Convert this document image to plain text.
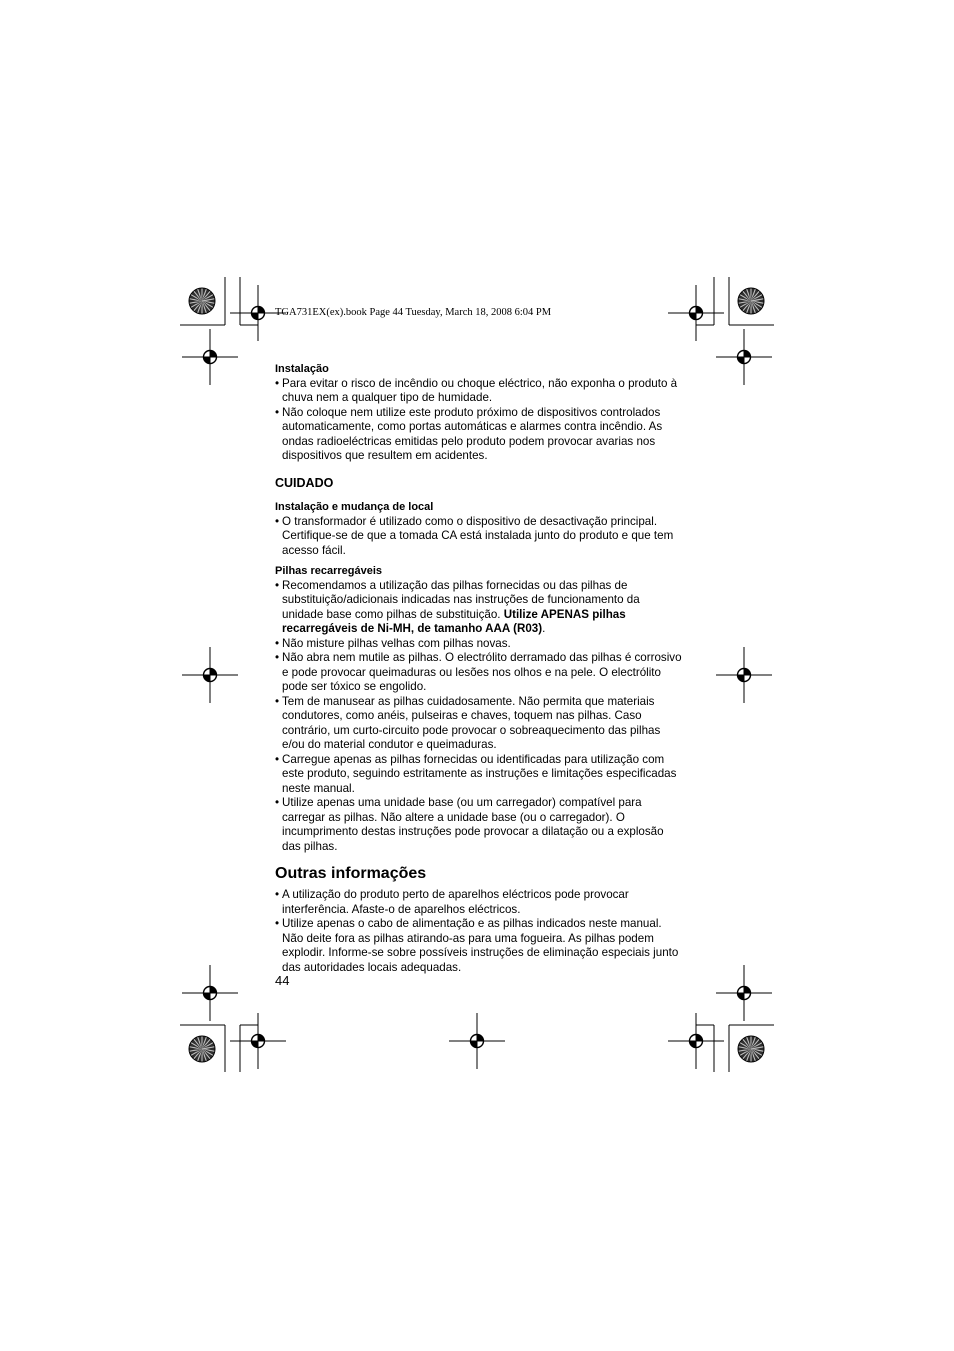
TGA731EX(ex).book Page 44 Tuesday, March 18, 2008 6:04 PM

Instalação

• Para evitar o risco de incêndio ou choque eléctrico, não exponha o produto à chuva nem a qualquer tipo de humidade.
• Não coloque nem utilize este produto próximo de dispositivos controlados automaticamente, como portas automáticas e alarmes contra incêndio. As ondas radioeléctricas emitidas pelo produto podem provocar avarias nos dispositivos que resultem em acidentes.

CUIDADO

Instalação e mudança de local

• O transformador é utilizado como o dispositivo de desactivação principal. Certifique-se de que a tomada CA está instalada junto do produto e que tem acesso fácil.

Pilhas recarregáveis

• Recomendamos a utilização das pilhas fornecidas ou das pilhas de substituição/adicionais indicadas nas instruções de funcionamento da unidade base como pilhas de substituição. Utilize APENAS pilhas recarregáveis de Ni-MH, de tamanho AAA (R03).
• Não misture pilhas velhas com pilhas novas.
• Não abra nem mutile as pilhas. O electrólito derramado das pilhas é corrosivo e pode provocar queimaduras ou lesões nos olhos e na pele. O electrólito pode ser tóxico se engolido.
• Tem de manusear as pilhas cuidadosamente. Não permita que materiais condutores, como anéis, pulseiras e chaves, toquem nas pilhas. Caso contrário, um curto-circuito pode provocar o sobreaquecimento das pilhas e/ou do material condutor e queimaduras.
• Carregue apenas as pilhas fornecidas ou identificadas para utilização com este produto, seguindo estritamente as instruções e limitações especificadas neste manual.
• Utilize apenas uma unidade base (ou um carregador) compatível para carregar as pilhas. Não altere a unidade base (ou o carregador). O incumprimento destas instruções pode provocar a dilatação ou a explosão das pilhas.
Outras informações
• A utilização do produto perto de aparelhos eléctricos pode provocar interferência. Afaste-o de aparelhos eléctricos.
• Utilize apenas o cabo de alimentação e as pilhas indicados neste manual. Não deite fora as pilhas atirando-as para uma fogueira. As pilhas podem explodir. Informe-se sobre possíveis instruções de eliminação especiais junto das autoridades locais adequadas.
44
